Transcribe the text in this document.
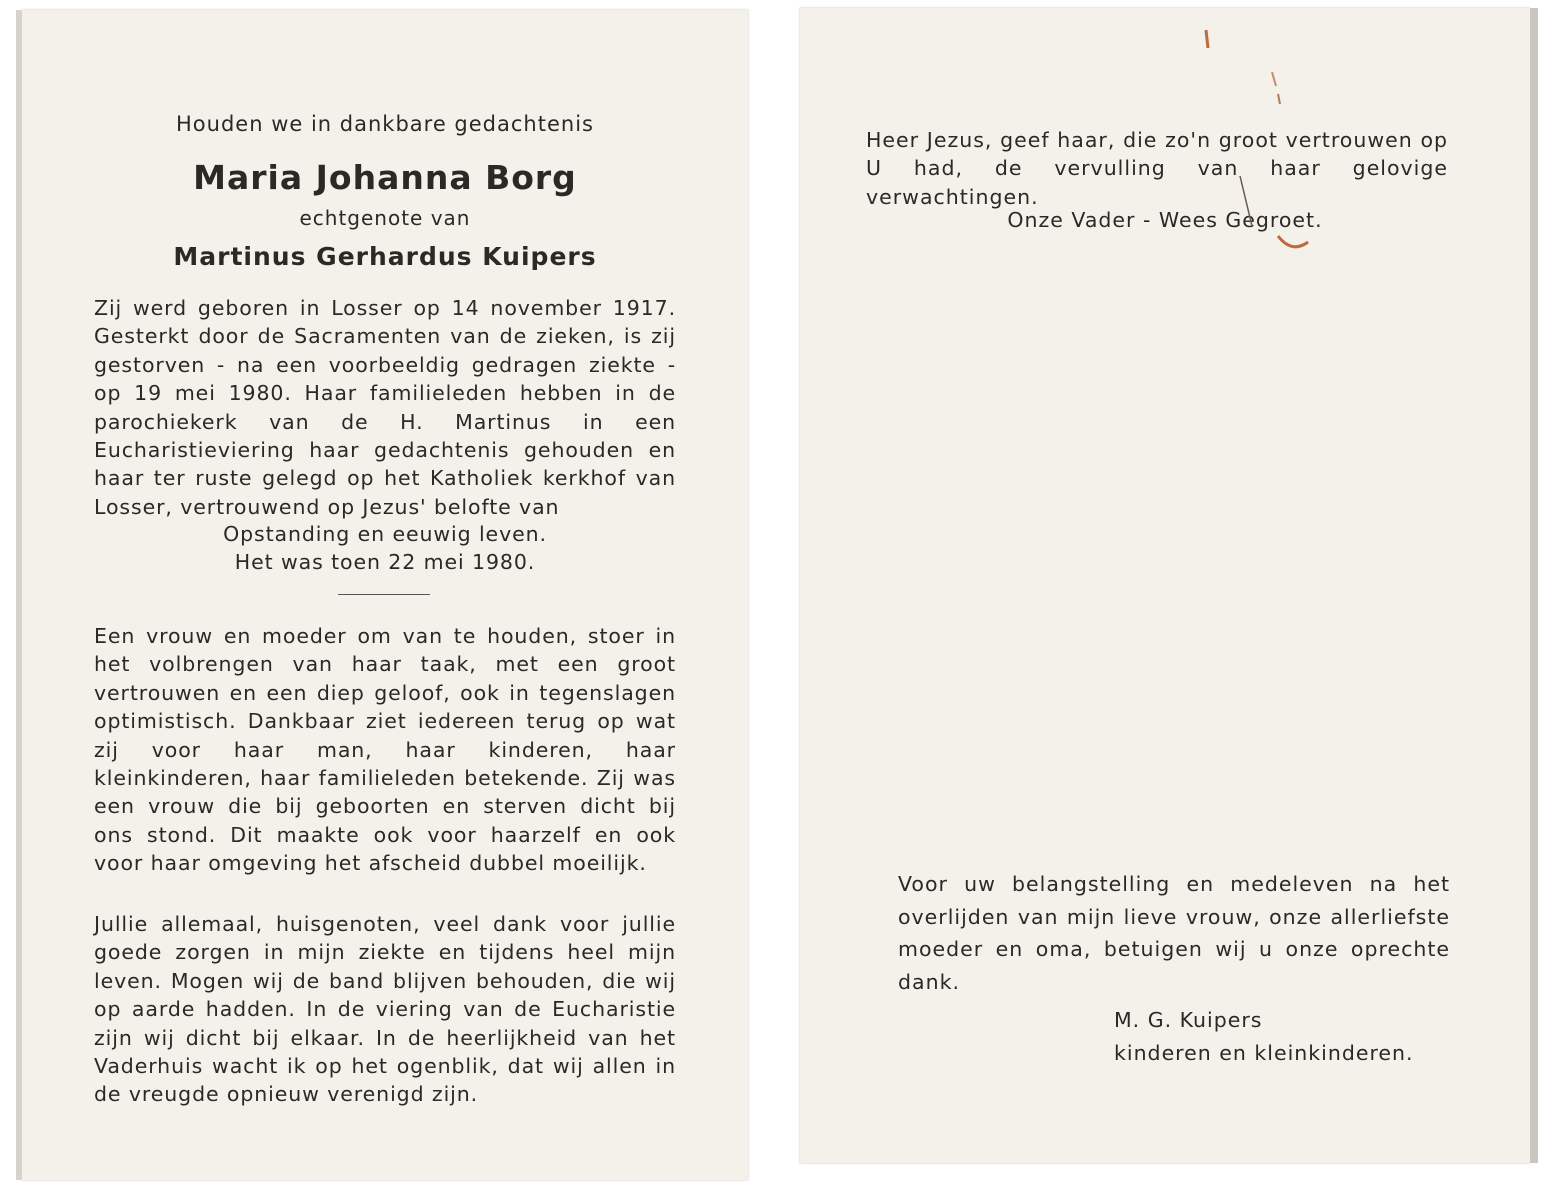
Houden we in dankbare gedachtenis

Maria Johanna Borg

echtgenote van

Martinus Gerhardus Kuipers

Zij werd geboren in Losser op 14 november 1917. Gesterkt door de Sacramenten van de zieken, is zij gestorven - na een voorbeeldig gedragen ziekte - op 19 mei 1980. Haar familieleden hebben in de parochiekerk van de H. Martinus in een Eucharistieviering haar gedachtenis gehouden en haar ter ruste gelegd op het Katholiek kerkhof van Losser, vertrouwend op Jezus' belofte van

Opstanding en eeuwig leven.
Het was toen 22 mei 1980.

Een vrouw en moeder om van te houden, stoer in het volbrengen van haar taak, met een groot vertrouwen en een diep geloof, ook in tegenslagen optimistisch. Dankbaar ziet iedereen terug op wat zij voor haar man, haar kinderen, haar kleinkinderen, haar familieleden betekende. Zij was een vrouw die bij geboorten en sterven dicht bij ons stond. Dit maakte ook voor haarzelf en ook voor haar omgeving het afscheid dubbel moeilijk.

Jullie allemaal, huisgenoten, veel dank voor jullie goede zorgen in mijn ziekte en tijdens heel mijn leven. Mogen wij de band blijven behouden, die wij op aarde hadden. In de viering van de Eucharistie zijn wij dicht bij elkaar. In de heerlijkheid van het Vaderhuis wacht ik op het ogenblik, dat wij allen in de vreugde opnieuw verenigd zijn.

Heer Jezus, geef haar, die zo'n groot vertrouwen op U had, de vervulling van haar gelovige verwachtingen.

Onze Vader - Wees Gegroet.

Voor uw belangstelling en medeleven na het overlijden van mijn lieve vrouw, onze allerliefste moeder en oma, betuigen wij u onze oprechte dank.

M. G. Kuipers

kinderen en kleinkinderen.
